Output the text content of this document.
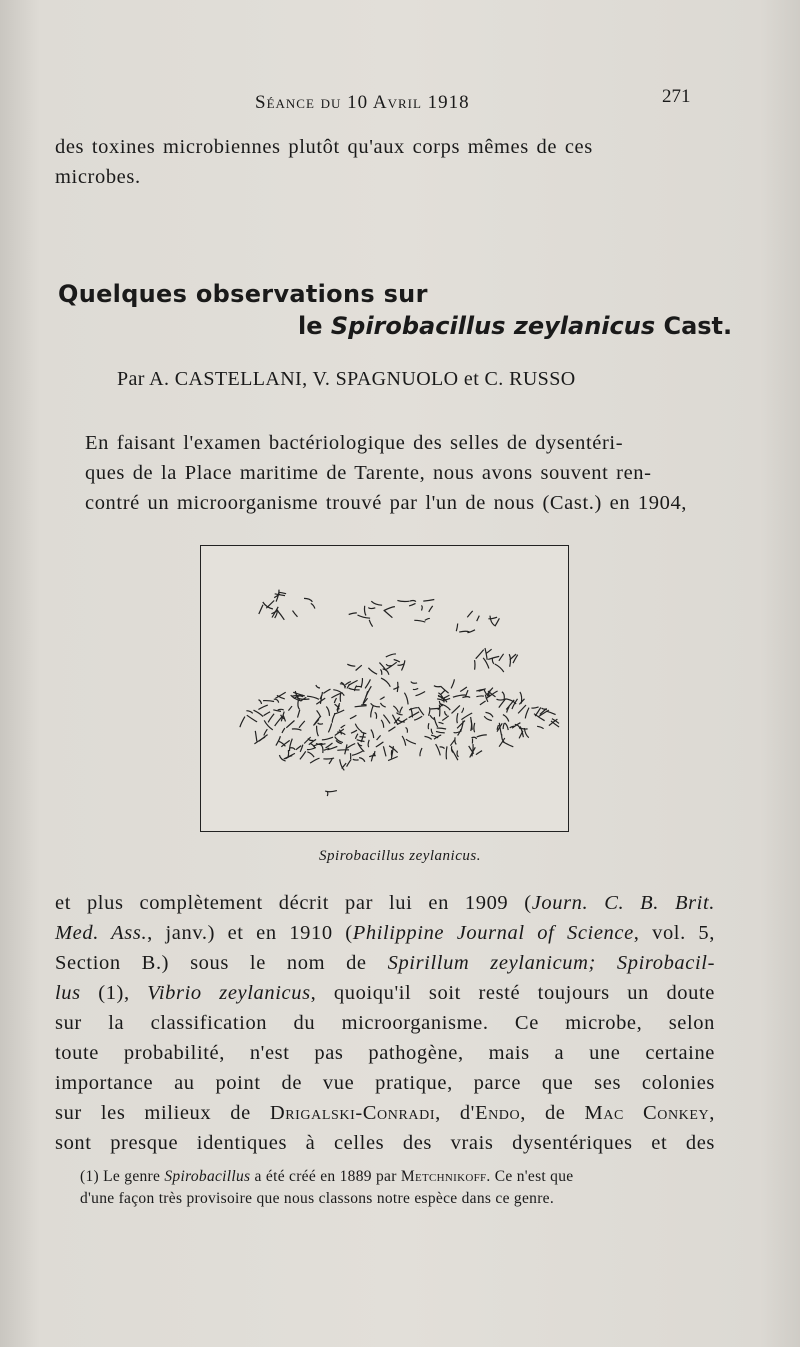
Séance du 10 Avril 1918	271
des toxines microbiennes plutôt qu'aux corps mêmes de ces
microbes.
Quelques observations sur
le Spirobacillus zeylanicus Cast.
Par A. CASTELLANI, V. SPAGNUOLO et C. RUSSO
En faisant l'examen bactériologique des selles de dysentéri-
ques de la Place maritime de Tarente, nous avons souvent ren-
contré un microorganisme trouvé par l'un de nous (Cast.) en 1904,
Spirobacillus zeylanicus.
et plus complètement décrit par lui en 1909 (Journ. C. B. Brit.
Med. Ass., janv.) et en 1910 (Philippine Journal of Science, vol. 5,
Section B.) sous le nom de Spirillum zeylanicum; Spirobacil-
lus (1), Vibrio zeylanicus, quoiqu'il soit resté toujours un doute
sur la classification du microorganisme. Ce microbe, selon
toute probabilité, n'est pas pathogène, mais a une certaine
importance au point de vue pratique, parce que ses colonies
sur les milieux de Drigalski-Conradi, d'Endo, de Mac Conkey,
sont presque identiques à celles des vrais dysentériques et des
(1) Le genre Spirobacillus a été créé en 1889 par Metchnikoff. Ce n'est que
d'une façon très provisoire que nous classons notre espèce dans ce genre.
